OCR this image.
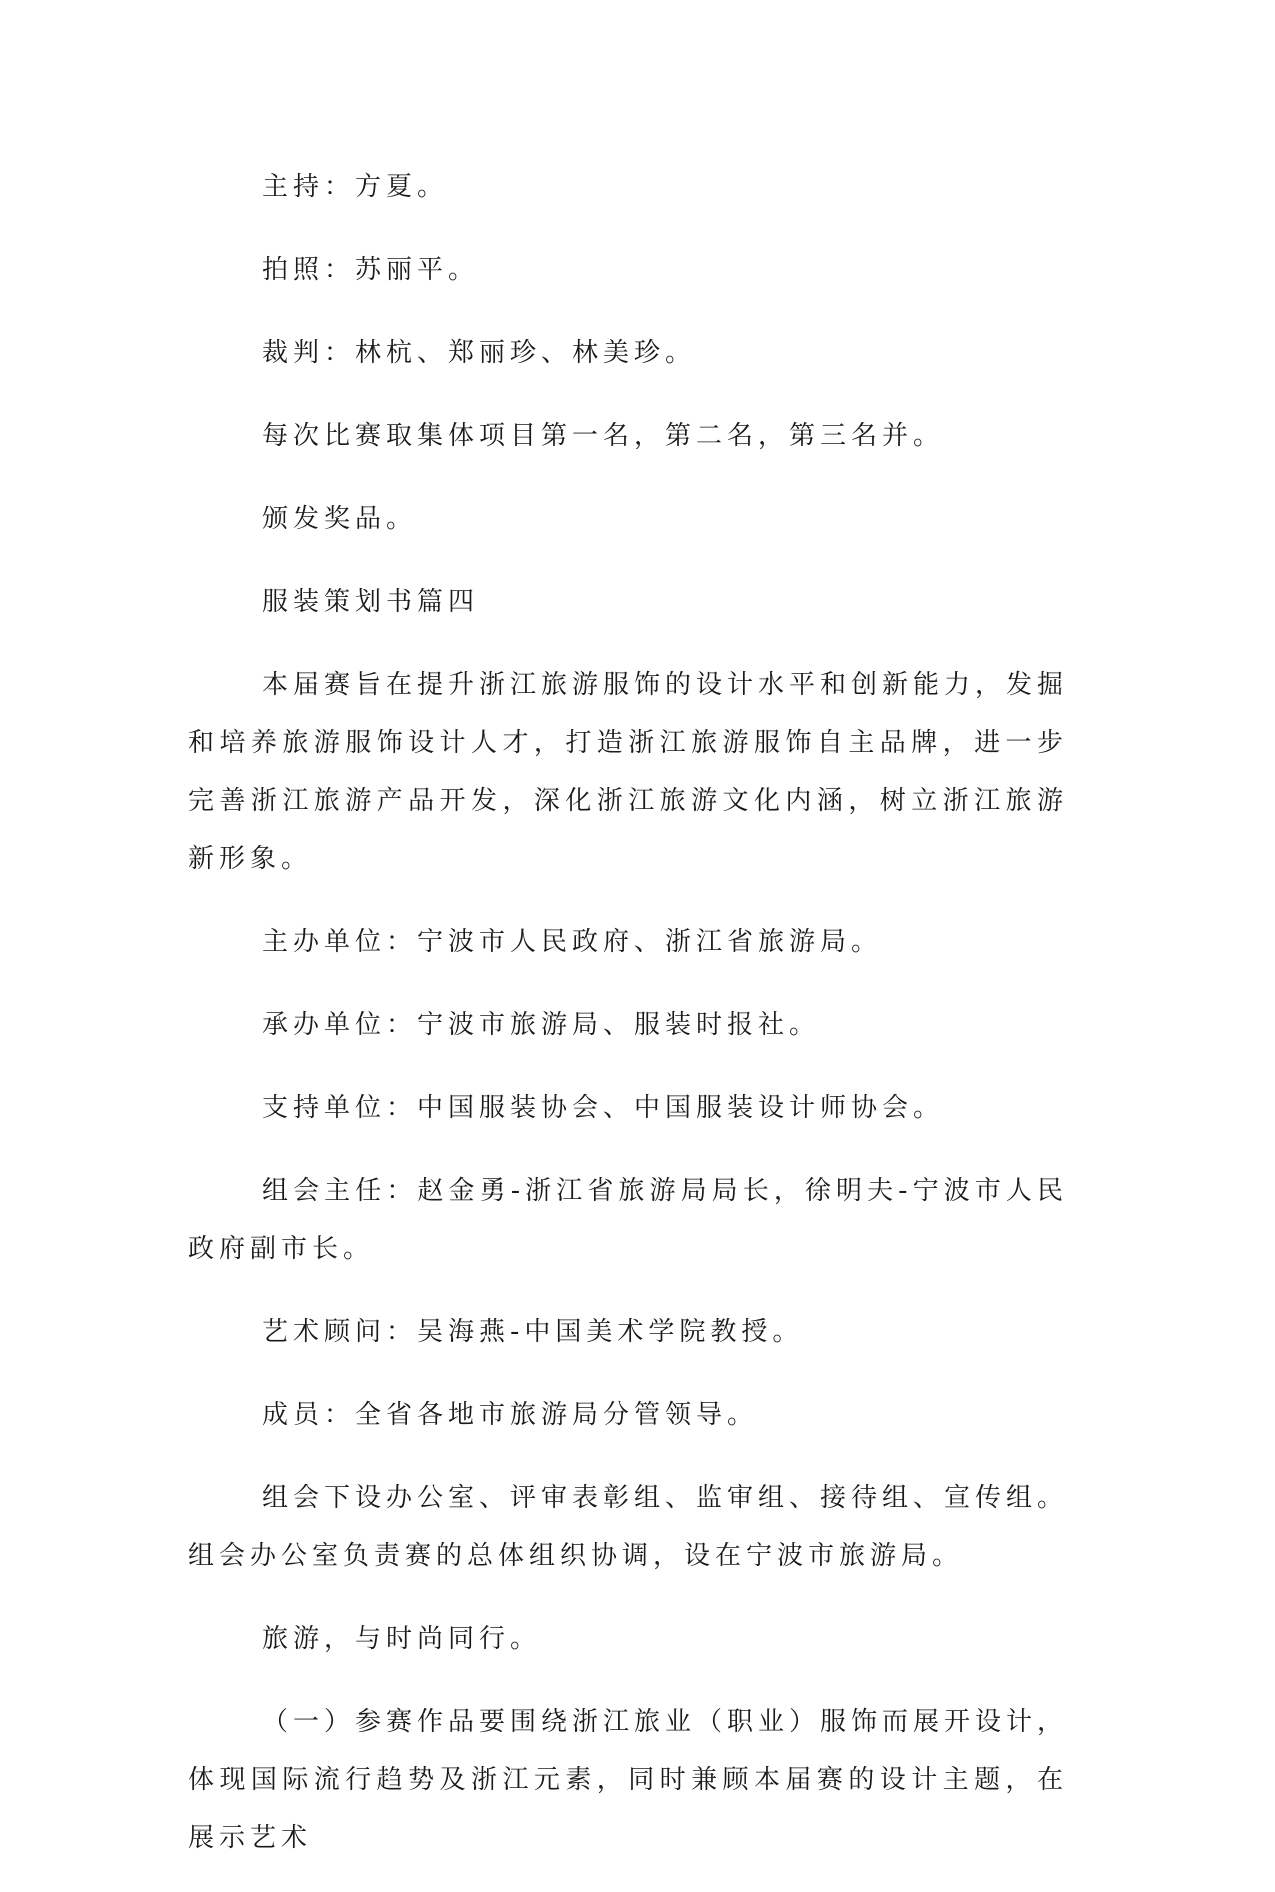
主持：方夏。

拍照：苏丽平。

裁判：林杭、郑丽珍、林美珍。

每次比赛取集体项目第一名，第二名，第三名并。

颁发奖品。

服装策划书篇四

本届赛旨在提升浙江旅游服饰的设计水平和创新能力，发掘和培养旅游服饰设计人才，打造浙江旅游服饰自主品牌，进一步完善浙江旅游产品开发，深化浙江旅游文化内涵，树立浙江旅游新形象。

主办单位：宁波市人民政府、浙江省旅游局。

承办单位：宁波市旅游局、服装时报社。

支持单位：中国服装协会、中国服装设计师协会。

组会主任：赵金勇-浙江省旅游局局长，徐明夫-宁波市人民政府副市长。

艺术顾问：吴海燕-中国美术学院教授。

成员：全省各地市旅游局分管领导。

组会下设办公室、评审表彰组、监审组、接待组、宣传组。组会办公室负责赛的总体组织协调，设在宁波市旅游局。

旅游，与时尚同行。

（一）参赛作品要围绕浙江旅业（职业）服饰而展开设计，体现国际流行趋势及浙江元素，同时兼顾本届赛的设计主题，在展示艺术
